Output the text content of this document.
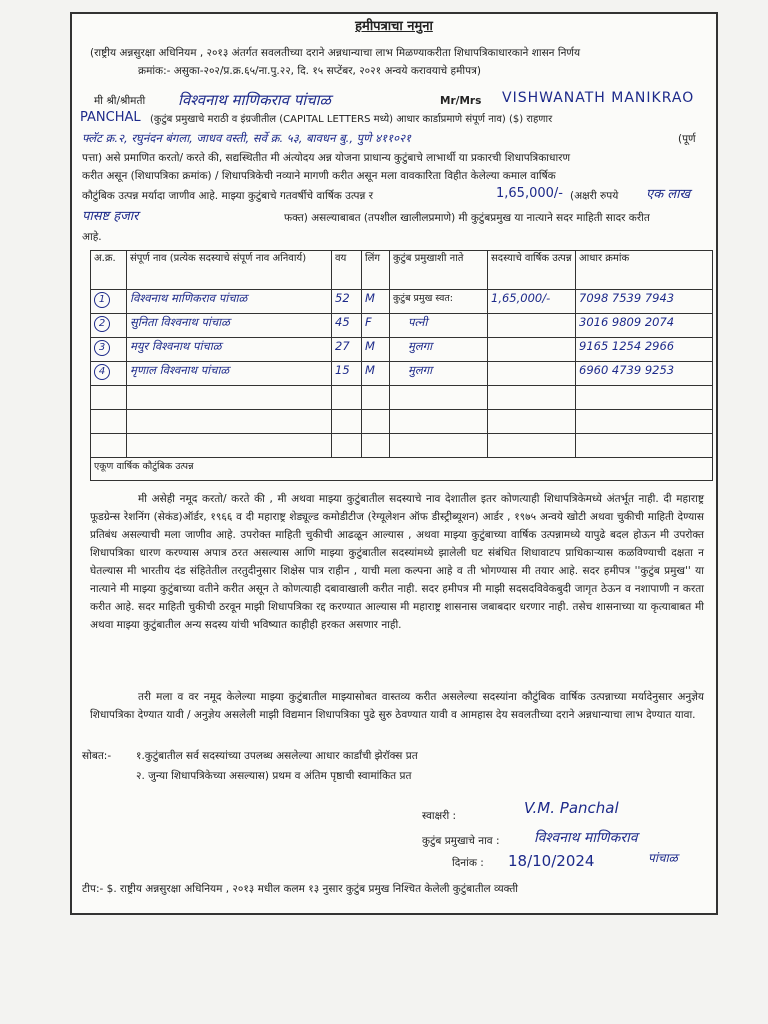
हमीपत्राचा नमुना
(राष्ट्रीय अन्नसुरक्षा अधिनियम , २०१३ अंतर्गत सवलतीच्या दराने अन्नधान्याचा लाभ मिळण्याकरीता शिधापत्रिकाधारकाने शासन निर्णय
क्रमांक:- असुका-२०२/प्र.क्र.६५/ना.पु.२२, दि. १५ सप्टेंबर, २०२१ अन्वये करावयाचे हमीपत्र)
मी श्री/श्रीमती विश्वनाथ माणिकराव पांचाळ	Mr/Mrs VISHWANATH MANIKRAO
PANCHAL (कुटुंब प्रमुखाचे मराठी व इंग्रजीतील (CAPITAL LETTERS मध्ये) आधार कार्डाप्रमाणे संपूर्ण नाव) ($) राहणार
फ्लॅट क्र.२, रघुनंदन बंगला, जाधव वस्ती, सर्वे क्र. ५३, बावधन बु., पुणे ४११०२१	(पूर्ण
पत्ता) असे प्रमाणित करतो/ करते की, सद्यस्थितीत मी अंत्योदय अन्न योजना प्राधान्य कुटुंबाचे लाभार्थी या प्रकारची शिधापत्रिकाधारण
करीत असून (शिधापत्रिका क्रमांक) / शिधापत्रिकेची नव्याने मागणी करीत असून मला वावकारिता विहीत केलेल्या कमाल वार्षिक
कौटुंबिक उत्पन्न मर्यादा जाणीव आहे. माझ्या कुटुंबाचे गतवर्षीचे वार्षिक उत्पन्न र	1,65,000/- (अक्षरी रुपये एक लाख
पासष्ट हजार	फक्त) असल्याबाबत (तपशील खालीलप्रमाणे) मी कुटुंबप्रमुख या नात्याने सदर माहिती सादर करीत
आहे.
अ.क्र.	संपूर्ण नाव (प्रत्येक सदस्याचे संपूर्ण नाव अनिवार्य)	वय	लिंग	कुटुंब प्रमुखाशी नाते	सदस्याचे वार्षिक उत्पन्न	आधार क्रमांक
1	विश्वनाथ माणिकराव पांचाळ	52	M	कुटुंब प्रमुख स्वत:	1,65,000/-	7098 7539 7943
2	सुनिता विश्वनाथ पांचाळ	45	F	पत्नी		3016 9809 2074
3	मयुर विश्वनाथ पांचाळ	27	M	मुलगा		9165 1254 2966
4	मृणाल विश्वनाथ पांचाळ	15	M	मुलगा		6960 4739 9253

एकूण वार्षिक कौटुंबिक उत्पन्न						
मी असेही नमूद करतो/ करते की , मी अथवा माझ्या कुटुंबातील सदस्याचे नाव देशातील इतर कोणत्याही शिधापत्रिकेमध्ये अंतर्भूत नाही. दी महाराष्ट्र फूडग्रेन्स रेशनिंग (सेकंड)ऑर्डर, १९६६ व दी महाराष्ट्र शेड्यूल्ड कमोडीटीज (रेग्यूलेशन ऑफ डीस्ट्रीब्यूशन) आर्डर , १९७५ अन्वये खोटी अथवा चुकीची माहिती देण्यास प्रतिबंध असल्याची मला जाणीव आहे. उपरोक्त माहिती चुकीची आढळून आल्यास , अथवा माझ्या कुटुंबाच्या वार्षिक उत्पन्नामध्ये यापुढे बदल होऊन मी उपरोक्त शिधापत्रिका धारण करण्यास अपात्र ठरत असल्यास आणि माझ्या कुटुंबातील सदस्यांमध्ये झालेली घट संबंधित शिधावाटप प्राधिकाऱ्यास कळविण्याची दक्षता न घेतल्यास मी भारतीय दंड संहितेतील तरतुदीनुसार शिक्षेस पात्र राहीन , याची मला कल्पना आहे व ती भोगण्यास मी तयार आहे. सदर हमीपत्र ''कुटुंब प्रमुख'' या नात्याने मी माझ्या कुटुंबाच्या वतीने करीत असून ते कोणत्याही दबावाखाली करीत नाही. सदर हमीपत्र मी माझी सदसदविवेकबुदी जागृत ठेऊन व नशापाणी न करता करीत आहे. सदर माहिती चुकीची ठरवून माझी शिधापत्रिका रद्द करण्यात आल्यास मी महाराष्ट्र शासनास जबाबदार धरणार नाही. तसेच शासनाच्या या कृत्याबाबत मी अथवा माझ्या कुटुंबातील अन्य सदस्य यांची भविष्यात काहीही हरकत असणार नाही.
तरी मला व वर नमूद केलेल्या माझ्या कुटुंबातील माझ्यासोबत वास्तव्य करीत असलेल्या सदस्यांना कौटुंबिक वार्षिक उत्पन्नाच्या मर्यादेनुसार अनुज्ञेय शिधापत्रिका देण्यात यावी / अनुज्ञेय असलेली माझी विद्यमान शिधापत्रिका पुढे सुरु ठेवण्यात यावी व आमहास देय सवलतीच्या दराने अन्नधान्याचा लाभ देण्यात यावा.
सोबत:- १.कुटुंबातील सर्व सदस्यांच्या उपलब्ध असलेल्या आधार कार्डांची झेरॉक्स प्रत
२. जुन्या शिधापत्रिकेच्या असल्यास) प्रथम व अंतिम पृष्ठाची स्वामांकित प्रत
स्वाक्षरी :	V.M. Panchal
कुटुंब प्रमुखाचे नाव : विश्वनाथ माणिकराव
पांचाळ
दिनांक : 18/10/2024
टीप:- $. राष्ट्रीय अन्नसुरक्षा अधिनियम , २०१३ मधील कलम १३ नुसार कुटुंब प्रमुख निश्चित केलेली कुटुंबातील व्यक्ती
